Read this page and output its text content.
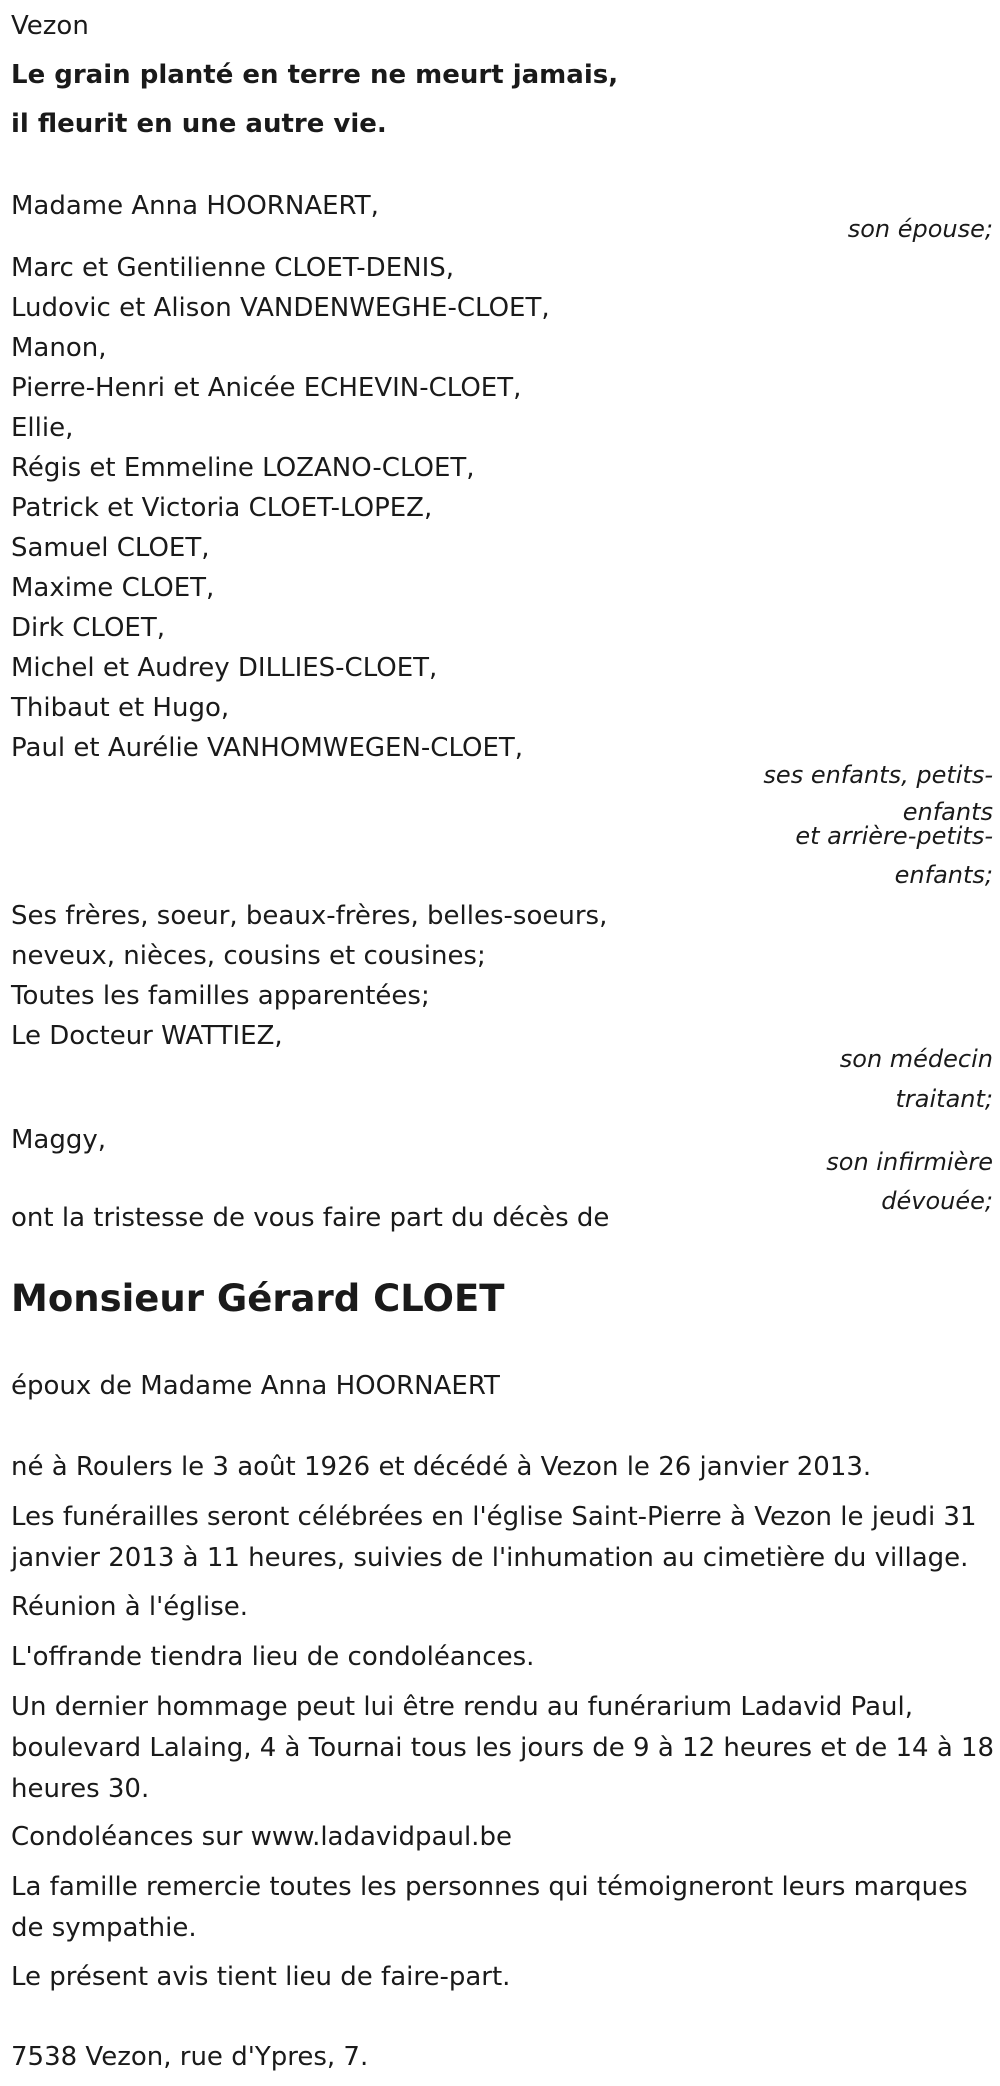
Vezon
Le grain planté en terre ne meurt jamais,
il fleurit en une autre vie.
Madame Anna HOORNAERT,
son épouse;
Marc et Gentilienne CLOET-DENIS,
Ludovic et Alison VANDENWEGHE-CLOET,
Manon,
Pierre-Henri et Anicée ECHEVIN-CLOET,
Ellie,
Régis et Emmeline LOZANO-CLOET,
Patrick et Victoria CLOET-LOPEZ,
Samuel CLOET,
Maxime CLOET,
Dirk CLOET,
Michel et Audrey DILLIES-CLOET,
Thibaut et Hugo,
Paul et Aurélie VANHOMWEGEN-CLOET,
ses enfants, petits-
enfants
et arrière-petits-
enfants;
Ses frères, soeur, beaux-frères, belles-soeurs,
neveux, nièces, cousins et cousines;
Toutes les familles apparentées;
Le Docteur WATTIEZ,
son médecin
traitant;
Maggy,
son infirmière
dévouée;
ont la tristesse de vous faire part du décès de
Monsieur Gérard CLOET
époux de Madame Anna HOORNAERT
né à Roulers le 3 août 1926 et décédé à Vezon le 26 janvier 2013.
Les funérailles seront célébrées en l'église Saint-Pierre à Vezon le jeudi 31 janvier 2013 à 11 heures, suivies de l'inhumation au cimetière du village.
Réunion à l'église.
L'offrande tiendra lieu de condoléances.
Un dernier hommage peut lui être rendu au funérarium Ladavid Paul, boulevard Lalaing, 4 à Tournai tous les jours de 9 à 12 heures et de 14 à 18 heures 30.
Condoléances sur www.ladavidpaul.be
La famille remercie toutes les personnes qui témoigneront leurs marques de sympathie.
Le présent avis tient lieu de faire-part.
7538 Vezon, rue d'Ypres, 7.
